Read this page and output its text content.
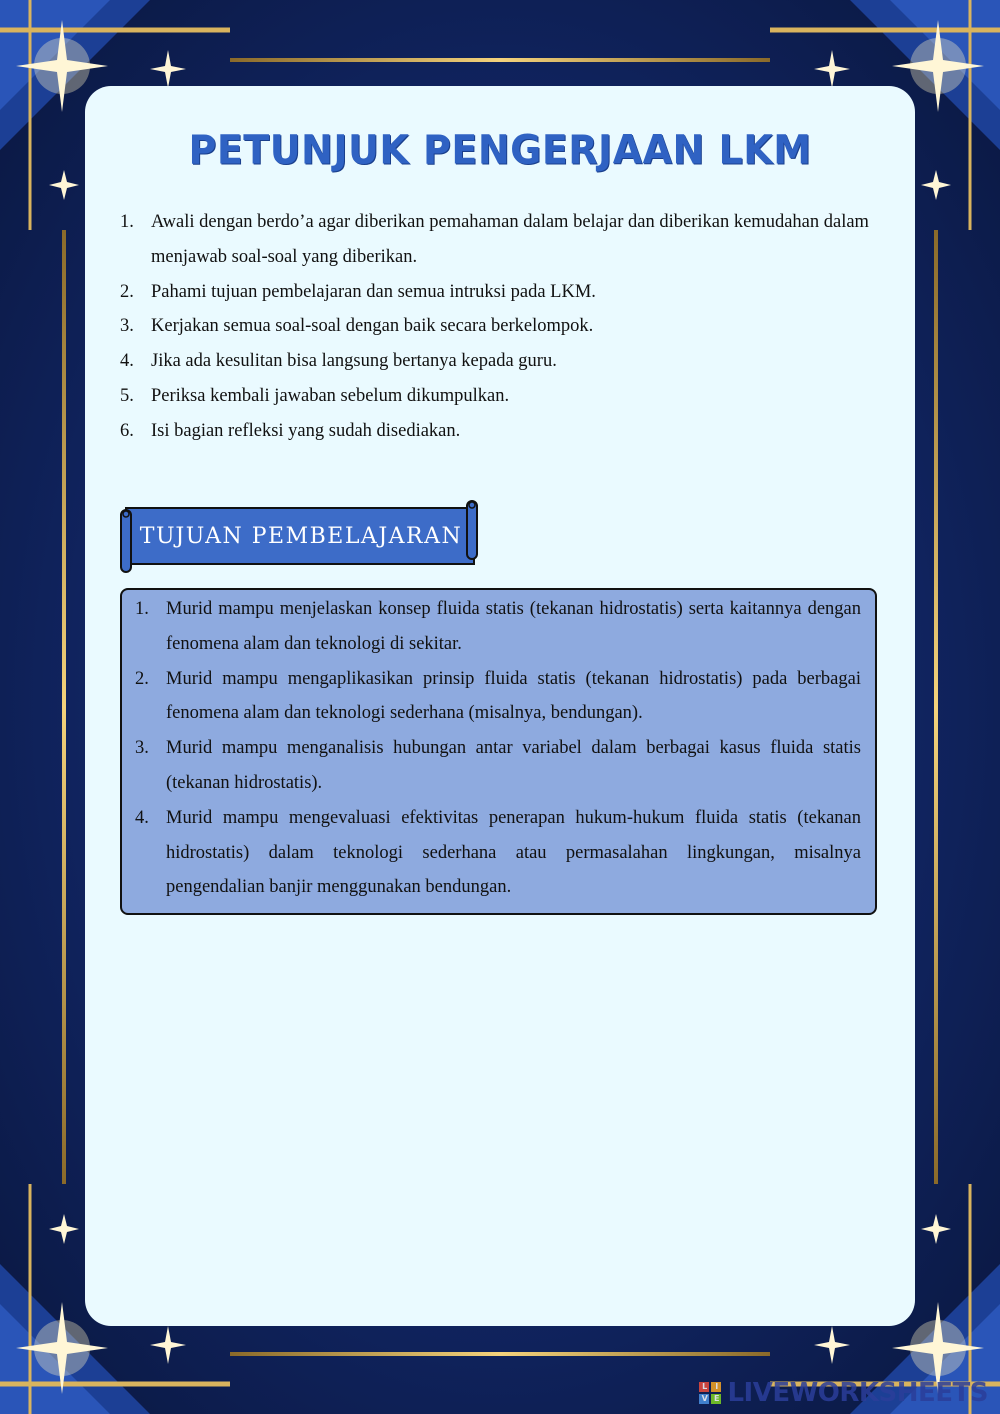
PETUNJUK PENGERJAAN LKM
1. Awali dengan berdo’a agar diberikan pemahaman dalam belajar dan diberikan kemudahan dalam menjawab soal-soal yang diberikan.
2. Pahami tujuan pembelajaran dan semua intruksi pada LKM.
3. Kerjakan semua soal-soal dengan baik secara berkelompok.
4. Jika ada kesulitan bisa langsung bertanya kepada guru.
5. Periksa kembali jawaban sebelum dikumpulkan.
6. Isi bagian refleksi yang sudah disediakan.
TUJUAN PEMBELAJARAN
1. Murid mampu menjelaskan konsep fluida statis (tekanan hidrostatis) serta kaitannya dengan fenomena alam dan teknologi di sekitar.
2. Murid mampu mengaplikasikan prinsip fluida statis (tekanan hidrostatis) pada berbagai fenomena alam dan teknologi sederhana (misalnya, bendungan).
3. Murid mampu menganalisis hubungan antar variabel dalam berbagai kasus fluida statis (tekanan hidrostatis).
4. Murid mampu mengevaluasi efektivitas penerapan hukum-hukum fluida statis (tekanan hidrostatis) dalam teknologi sederhana atau permasalahan lingkungan, misalnya pengendalian banjir menggunakan bendungan.
L	I
V E LIVEWORKSHEETS
